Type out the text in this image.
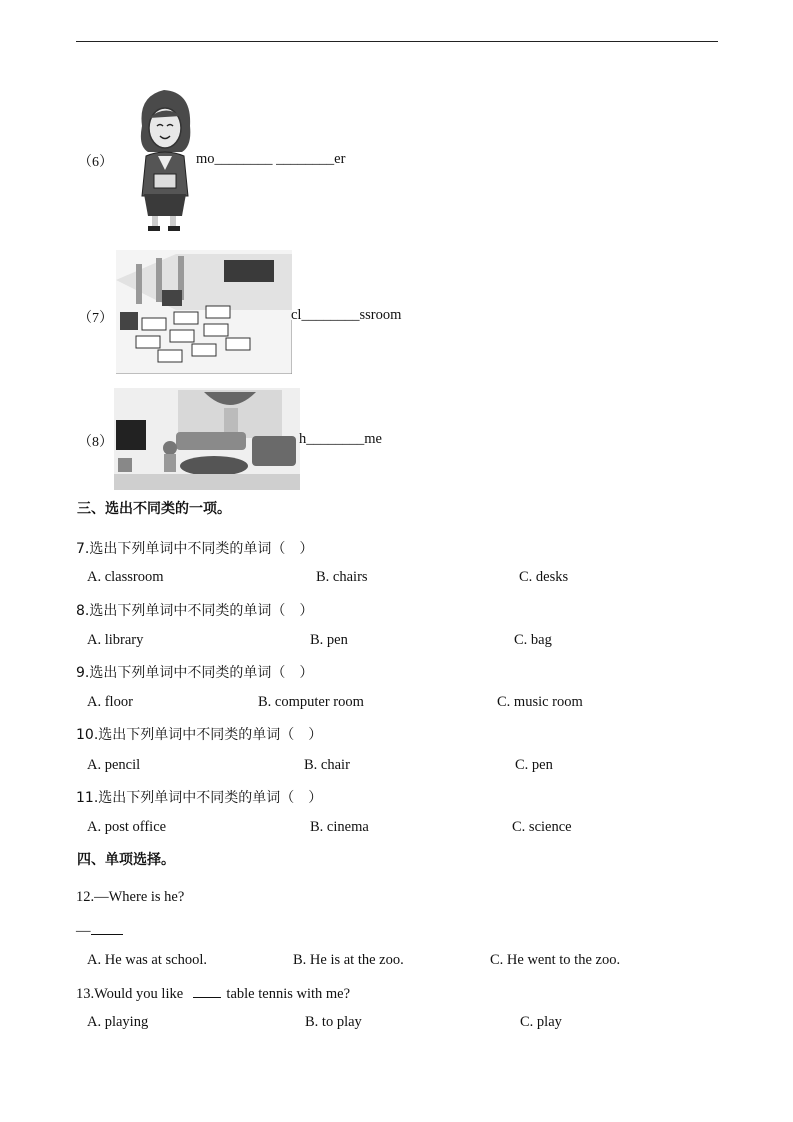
（6）	mo________ ________er
（7）	cl________ssroom
（8）	h________me
三、选出不同类的一项。
7.选出下列单词中不同类的单词（　）
A. classroom	B. chairs	C. desks
8.选出下列单词中不同类的单词（　）
A. library	B. pen	C. bag
9.选出下列单词中不同类的单词（　）
A. floor	B. computer room	C. music room
10.选出下列单词中不同类的单词（　）
A. pencil	B. chair	C. pen
11.选出下列单词中不同类的单词（　）
A. post office	B. cinema	C. science
四、单项选择。
12.—Where is he?
—
A. He was at school.	B. He is at the zoo.	C. He went to the zoo.
13.Would you like	table tennis with me?
A. playing	B. to play	C. play
